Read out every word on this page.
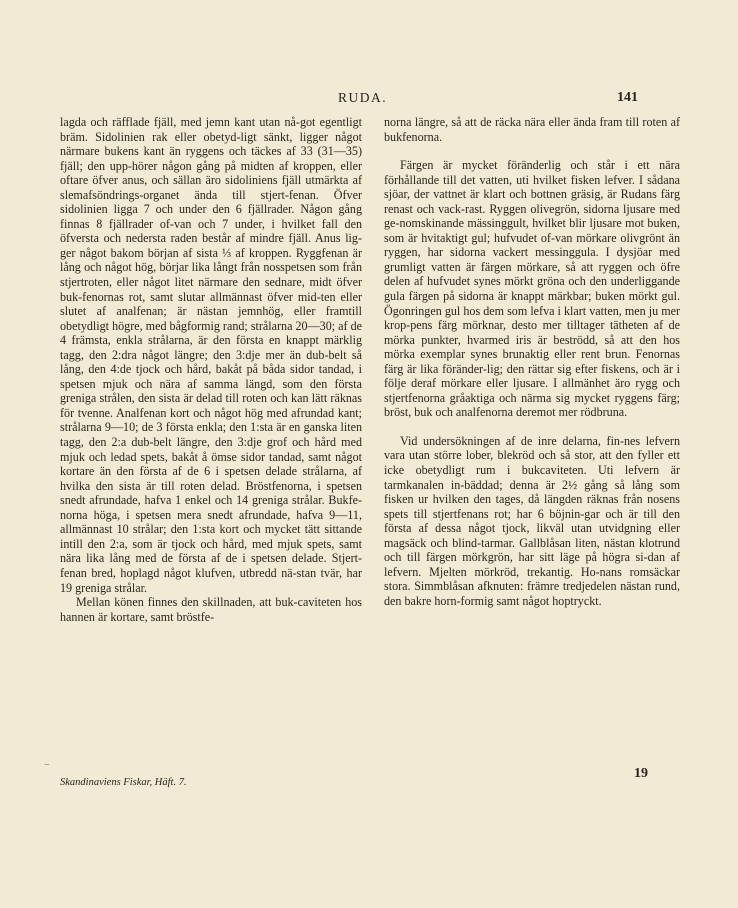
RUDA.	141

lagda och räfflade fjäll, med jemn kant utan nå-got egentligt bräm. Sidolinien rak eller obetyd-ligt sänkt, ligger något närmare bukens kant än ryggens och täckes af 33 (31—35) fjäll; den upp-hörer någon gång på midten af kroppen, eller oftare öfver anus, och sällan äro sidoliniens fjäll utmärkta af slemafsöndrings-organet ända till stjert-fenan. Öfver sidolinien ligga 7 och under den 6 fjällrader. Någon gång finnas 8 fjällrader of-van och 7 under, i hvilket fall den öfversta och nedersta raden består af mindre fjäll. Anus lig-ger något bakom början af sista ⅓ af kroppen. Ryggfenan är lång och något hög, börjar lika långt från nosspetsen som från stjertroten, eller något litet närmare den sednare, midt öfver buk-fenornas rot, samt slutar allmännast öfver mid-ten eller slutet af analfenan; är nästan jemnhög, eller framtill obetydligt högre, med bågformig rand; strålarna 20—30; af de 4 främsta, enkla strålarna, är den första en knappt märklig tagg, den 2:dra något längre; den 3:dje mer än dub-belt så lång, den 4:de tjock och hård, bakåt på båda sidor tandad, i spetsen mjuk och nära af samma längd, som den första greniga strålen, den sista är delad till roten och kan lätt räknas för tvenne. Analfenan kort och något hög med afrundad kant; strålarna 9—10; de 3 första enkla; den 1:sta är en ganska liten tagg, den 2:a dub-belt längre, den 3:dje grof och hård med mjuk och ledad spets, bakåt å ömse sidor tandad, samt något kortare än den första af de 6 i spetsen delade strålarna, af hvilka den sista är till roten delad. Bröstfenorna, i spetsen snedt afrundade, hafva 1 enkel och 14 greniga strålar. Bukfe-norna höga, i spetsen mera snedt afrundade, hafva 9—11, allmännast 10 strålar; den 1:sta kort och mycket tätt sittande intill den 2:a, som är tjock och hård, med mjuk spets, samt nära lika lång med de första af de i spetsen delade. Stjert-fenan bred, hoplagd något klufven, utbredd nä-stan tvär, har 19 greniga strålar.

Mellan könen finnes den skillnaden, att buk-caviteten hos hannen är kortare, samt bröstfe-

norna längre, så att de räcka nära eller ända fram till roten af bukfenorna.

Färgen är mycket föränderlig och står i ett nära förhållande till det vatten, uti hvilket fisken lefver. I sådana sjöar, der vattnet är klart och bottnen gräsig, är Rudans färg renast och vack-rast. Ryggen olivegrön, sidorna ljusare med ge-nomskinande mässinggult, hvilket blir ljusare mot buken, som är hvitaktigt gul; hufvudet of-van mörkare olivgrönt än ryggen, har sidorna vackert messinggula. I dysjöar med grumligt vatten är färgen mörkare, så att ryggen och öfre delen af hufvudet synes mörkt gröna och den underliggande gula färgen på sidorna är knappt märkbar; buken mörkt gul. Ögonringen gul hos dem som lefva i klart vatten, men ju mer krop-pens färg mörknar, desto mer tilltager tätheten af de mörka punkter, hvarmed iris är beströdd, så att den hos mörka exemplar synes brunaktig eller rent brun. Fenornas färg är lika föränder-lig; den rättar sig efter fiskens, och är i följe deraf mörkare eller ljusare. I allmänhet äro rygg och stjertfenorna gråaktiga och närma sig mycket ryggens färg; bröst, buk och analfenorna deremot mer rödbruna.

Vid undersökningen af de inre delarna, fin-nes lefvern vara utan större lober, blekröd och så stor, att den fyller ett icke obetydligt rum i bukcaviteten. Uti lefvern är tarmkanalen in-bäddad; denna är 2½ gång så lång som fisken ur hvilken den tages, då längden räknas från nosens spets till stjertfenans rot; har 6 böjnin-gar och är till den första af dessa något tjock, likväl utan utvidgning eller magsäck och blind-tarmar. Gallblåsan liten, nästan klotrund och till färgen mörkgrön, har sitt läge på högra si-dan af lefvern. Mjelten mörkröd, trekantig. Ho-nans romsäckar stora. Simmblåsan afknuten: främre tredjedelen nästan rund, den bakre horn-formig samt något hoptryckt.

⁻
Skandinaviens Fiskar, Häft. 7.
19
